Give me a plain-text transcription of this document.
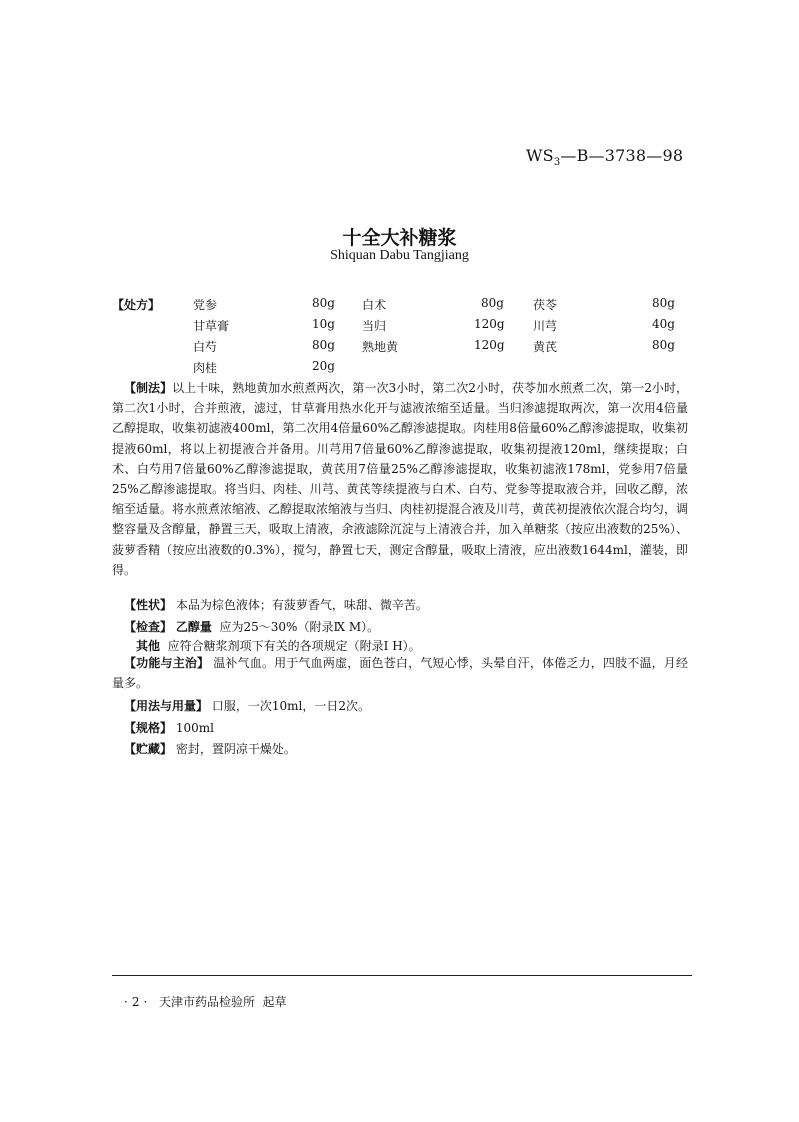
$WS_3—B—3738—98$
十全大补糖浆
Shiquan Dabu Tangjiang
【处方】	党参	80g 白术	80g 茯苓	80g
甘草膏	10g 当归	120g 川芎	40g
白芍	80g 熟地黄	120g 黄芪	80g
肉桂	20g
【制法】以上十味，熟地黄加水煎煮两次，第一次3小时，第二次2小时，茯苓加水煎煮二次，第一2小时，第二次1小时，合并煎液，滤过，甘草膏用热水化开与滤液浓缩至适量。当归渗滤提取两次，第一次用4倍量乙醇提取，收集初滤液400ml，第二次用4倍量60%乙醇渗滤提取。肉桂用8倍量60%乙醇渗滤提取，收集初提液60ml，将以上初提液合并备用。川芎用7倍量60%乙醇渗滤提取，收集初提液120ml，继续提取；白术、白芍用7倍量60%乙醇渗滤提取，黄芪用7倍量25%乙醇渗滤提取，收集初滤液178ml，党参用7倍量25%乙醇渗滤提取。将当归、肉桂、川芎、黄芪等续提液与白术、白芍、党参等提取液合并，回收乙醇，浓缩至适量。将水煎煮浓缩液、乙醇提取浓缩液与当归、肉桂初提混合液及川芎，黄芪初提液依次混合均匀，调整容量及含醇量，静置三天，吸取上清液，余液滤除沉淀与上清液合并，加入单糖浆（按应出液数的25%）、菠萝香精（按应出液数的0.3%），搅匀，静置七天，测定含醇量，吸取上清液，应出液数1644ml，灌装，即得。
【性状】 本品为棕色液体；有菠萝香气，味甜、微辛苦。
【检查】 乙醇量 应为25～30%（附录Ⅸ M）。
其他 应符合糖浆剂项下有关的各项规定（附录Ⅰ H）。
【功能与主治】 温补气血。用于气血两虚，面色苍白，气短心悸，头晕自汗，体倦乏力，四肢不温，月经量多。
【用法与用量】 口服，一次10ml，一日2次。
【规格】 100ml
【贮藏】 密封，置阴凉干燥处。
· 2 · 天津市药品检验所 起草
